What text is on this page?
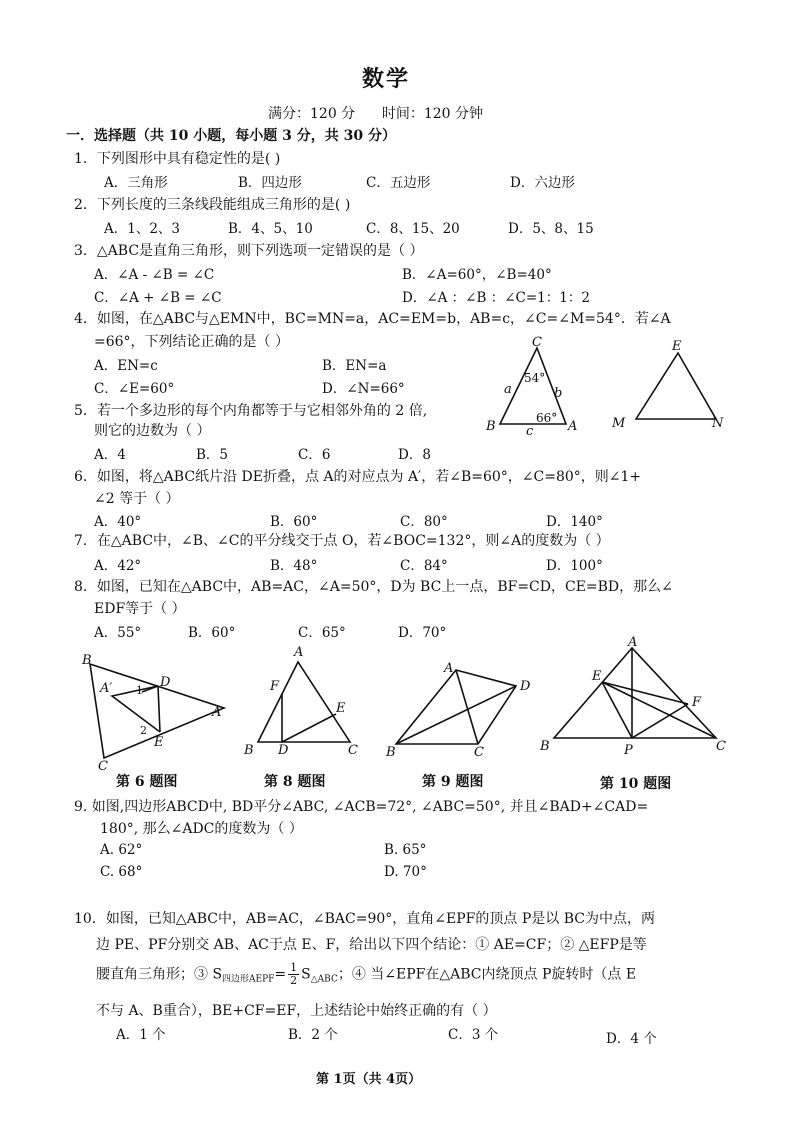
数学
满分：120 分      时间：120 分钟
一．选择题（共 10 小题，每小题 3 分，共 30 分）
1．下列图形中具有稳定性的是( )
A．三角形	B．四边形	C．五边形	D．六边形
2．下列长度的三条线段能组成三角形的是( )
A．1、2、3	B．4、5、10	C．8、15、20	D．5、8、15
3．△ABC是直角三角形，则下列选项一定错误的是（ ）
A．∠A - ∠B = ∠C	B．∠A=60°，∠B=40°
C．∠A + ∠B = ∠C	D．∠A ：∠B ：∠C=1：1：2
4．如图，在△ABC与△EMN中，BC=MN=a，AC=EM=b，AB=c，∠C=∠M=54°．若∠A
=66°，下列结论正确的是（ ）
A．EN=c	B．EN=a
C．∠E=60°	D．∠N=66°
C
B	A
a	b
c
54°
66°
E
M	N
5．若一个多边形的每个内角都等于与它相邻外角的 2 倍,
则它的边数为（ ）
A．4	B．5	C．6	D．8
6．如图，将△ABC纸片沿 DE折叠，点 A的对应点为 A′，若∠B=60°，∠C=80°，则∠1+
∠2 等于（ ）
A．40°	B．60°	C．80°	D．140°
7．在△ABC中，∠B、∠C的平分线交于点 O，若∠BOC=132°，则∠A的度数为（ ）
A．42°	B．48°	C．84°	D．100°
8．如图，已知在△ABC中，AB=AC，∠A=50°，D为 BC上一点，BF=CD，CE=BD，那么∠
EDF等于（ ）
A．55°	B．60°	C．65°	D．70°
B
A′	D
1
2
E
A
C
第 6 题图
A
F
E
B D	C
第 8 题图
A
D
B	C
第 9 题图
A
E
F
B	P	C
第 10 题图
9. 如图,四边形ABCD中, BD平分∠ABC, ∠ACB=72°, ∠ABC=50°, 并且∠BAD+∠CAD=
180°, 那么∠ADC的度数为（ ）
A. 62°	B. 65°
C. 68°	D. 70°
10．如图，已知△ABC中，AB=AC，∠BAC=90°，直角∠EPF的顶点 P是以 BC为中点，两
边 PE、PF分别交 AB、AC于点 E、F，给出以下四个结论：① AE=CF；② △EFP是等
腰直角三角形；③ $S_{四边形AEPF}= \frac{1}{2} S_{\triangle ABC}$；④ 当∠EPF在△ABC内绕顶点 P旋转时（点 E
不与 A、B重合），BE+CF=EF，上述结论中始终正确的有（ ）
A．1 个	B．2 个	C．3 个	D．4 个
第 1页（共 4页）
